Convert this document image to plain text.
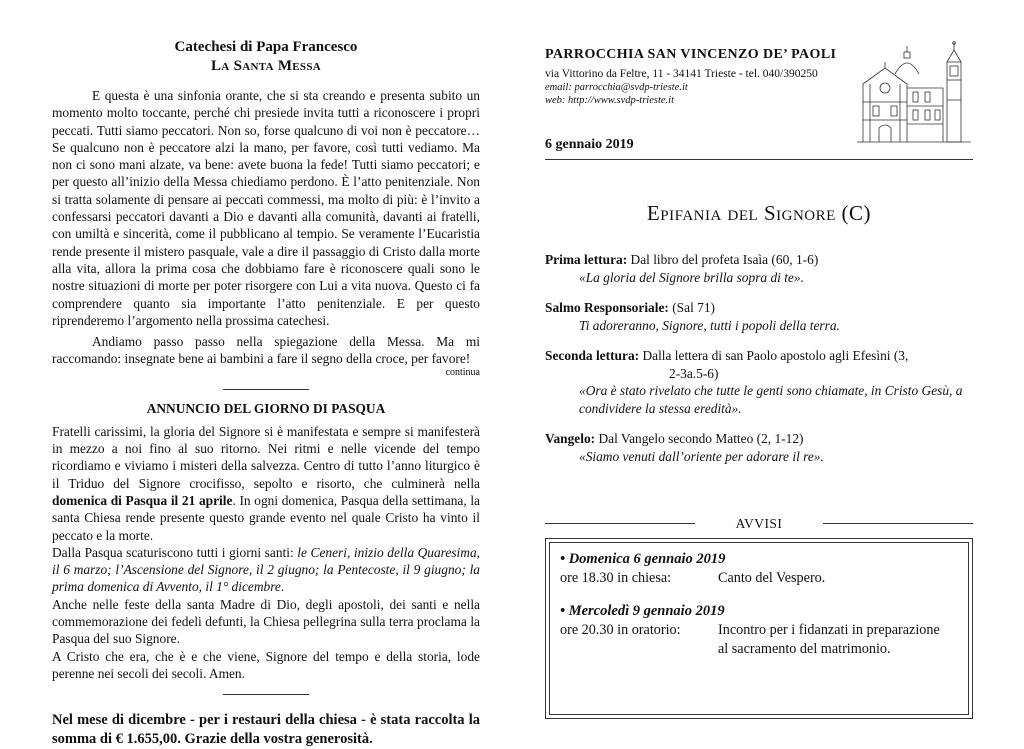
Catechesi di Papa Francesco
La Santa Messa

E questa è una sinfonia orante, che si sta creando e presenta subito un momento molto toccante, perché chi presiede invita tutti a riconoscere i propri peccati. Tutti siamo peccatori. Non so, forse qualcuno di voi non è peccatore… Se qualcuno non è peccatore alzi la mano, per favore, così tutti vediamo. Ma non ci sono mani alzate, va bene: avete buona la fede! Tutti siamo peccatori; e per questo all’inizio della Messa chiediamo perdono. È l’atto penitenziale. Non si tratta solamente di pensare ai peccati commessi, ma molto di più: è l’invito a confessarsi peccatori davanti a Dio e davanti alla comunità, davanti ai fratelli, con umiltà e sincerità, come il pubblicano al tempio. Se veramente l’Eucaristia rende presente il mistero pasquale, vale a dire il passaggio di Cristo dalla morte alla vita, allora la prima cosa che dobbiamo fare è riconoscere quali sono le nostre situazioni di morte per poter risorgere con Lui a vita nuova. Questo ci fa comprendere quanto sia importante l’atto penitenziale. E per questo riprenderemo l’argomento nella prossima catechesi.

Andiamo passo passo nella spiegazione della Messa. Ma mi raccomando: insegnate bene ai bambini a fare il segno della croce, per favore!

continua
ANNUNCIO DEL GIORNO DI PASQUA

Fratelli carissimi, la gloria del Signore si è manifestata e sempre si manifesterà in mezzo a noi fino al suo ritorno. Nei ritmi e nelle vicende del tempo ricordiamo e viviamo i misteri della salvezza. Centro di tutto l’anno liturgico è il Triduo del Signore crocifisso, sepolto e risorto, che culminerà nella domenica di Pasqua il 21 aprile. In ogni domenica, Pasqua della settimana, la santa Chiesa rende presente questo grande evento nel quale Cristo ha vinto il peccato e la morte.

Dalla Pasqua scaturiscono tutti i giorni santi: le Ceneri, inizio della Quaresima, il 6 marzo; l’Ascensione del Signore, il 2 giugno; la Pentecoste, il 9 giugno; la prima domenica di Avvento, il 1° dicembre.

Anche nelle feste della santa Madre di Dio, degli apostoli, dei santi e nella commemorazione dei fedeli defunti, la Chiesa pellegrina sulla terra proclama la Pasqua del suo Signore.

A Cristo che era, che è e che viene, Signore del tempo e della storia, lode perenne nei secoli dei secoli. Amen.

Nel mese di dicembre - per i restauri della chiesa - è stata raccolta la somma di € 1.655,00. Grazie della vostra generosità.

PARROCCHIA SAN VINCENZO DE’ PAOLI
via Vittorino da Feltre, 11 - 34141 Trieste - tel. 040/390250
email: parrocchia@svdp-trieste.it
web: http://www.svdp-trieste.it
6 gennaio 2019
Epifania del Signore (C)
Prima lettura: Dal libro del profeta Isaìa (60, 1-6)
«La gloria del Signore brilla sopra di te».
Salmo Responsoriale: (Sal 71)
Ti adoreranno, Signore, tutti i popoli della terra.
Seconda lettura: Dalla lettera di san Paolo apostolo agli Efesìni (3,
2-3a.5-6)
«Ora è stato rivelato che tutte le genti sono chiamate, in Cristo Gesù, a condividere la stessa eredità».
Vangelo: Dal Vangelo secondo Matteo (2, 1-12)
«Siamo venuti dall’oriente per adorare il re».
AVVISI
• Domenica 6 gennaio 2019
ore 18.30 in chiesa:	Canto del Vespero.
• Mercoledì 9 gennaio 2019
ore 20.30 in oratorio:	Incontro per i fidanzati in preparazione
al sacramento del matrimonio.
